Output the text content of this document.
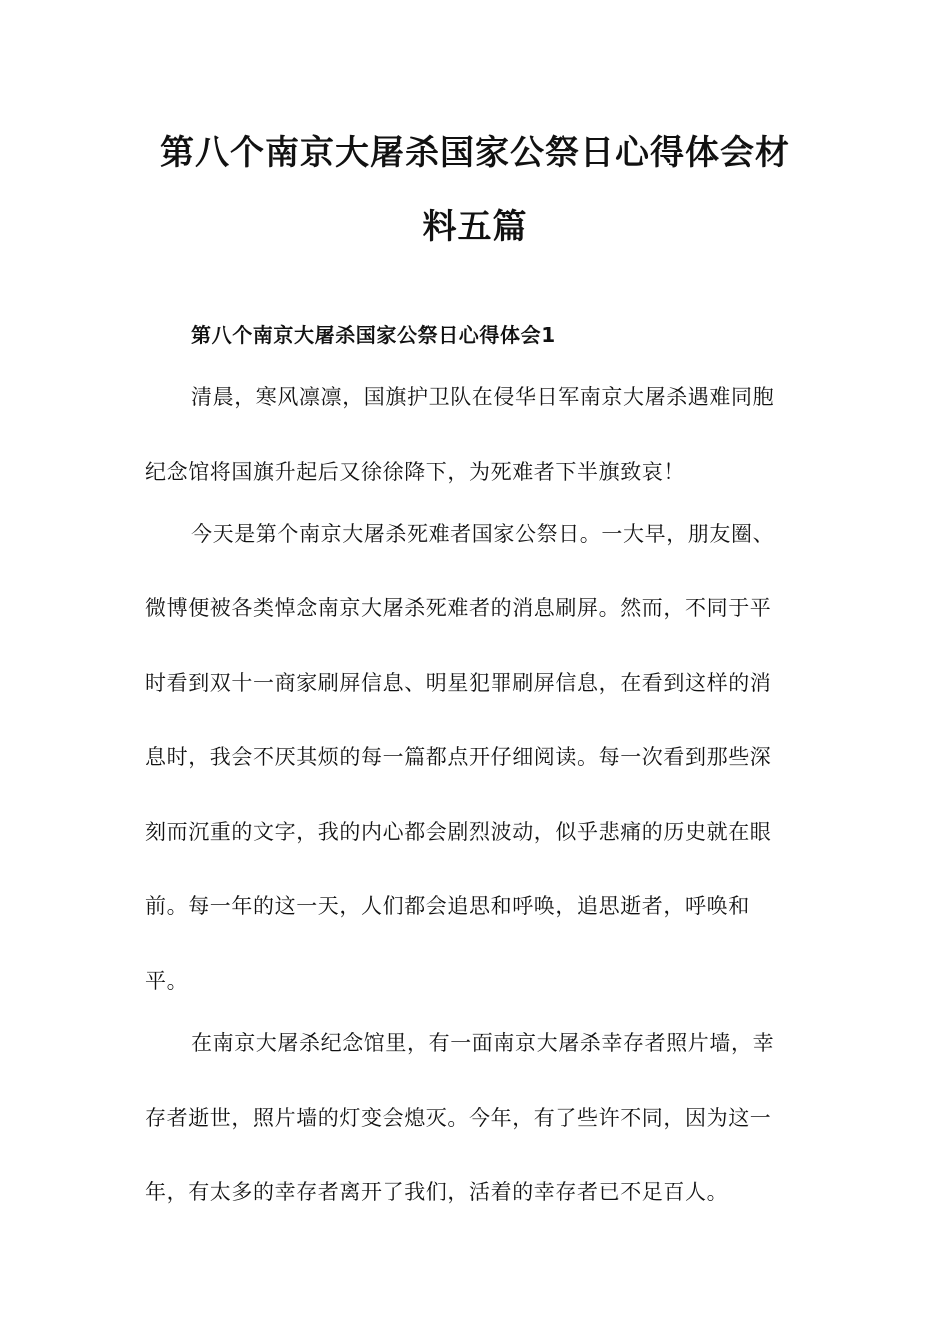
第八个南京大屠杀国家公祭日心得体会材
料五篇
第八个南京大屠杀国家公祭日心得体会1
清晨，寒风凛凛，国旗护卫队在侵华日军南京大屠杀遇难同胞
纪念馆将国旗升起后又徐徐降下，为死难者下半旗致哀！
今天是第个南京大屠杀死难者国家公祭日。一大早，朋友圈、
微博便被各类悼念南京大屠杀死难者的消息刷屏。然而，不同于平
时看到双十一商家刷屏信息、明星犯罪刷屏信息，在看到这样的消
息时，我会不厌其烦的每一篇都点开仔细阅读。每一次看到那些深
刻而沉重的文字，我的内心都会剧烈波动，似乎悲痛的历史就在眼
前。每一年的这一天，人们都会追思和呼唤，追思逝者，呼唤和
平。
在南京大屠杀纪念馆里，有一面南京大屠杀幸存者照片墙，幸
存者逝世，照片墙的灯变会熄灭。今年，有了些许不同，因为这一
年，有太多的幸存者离开了我们，活着的幸存者已不足百人。
